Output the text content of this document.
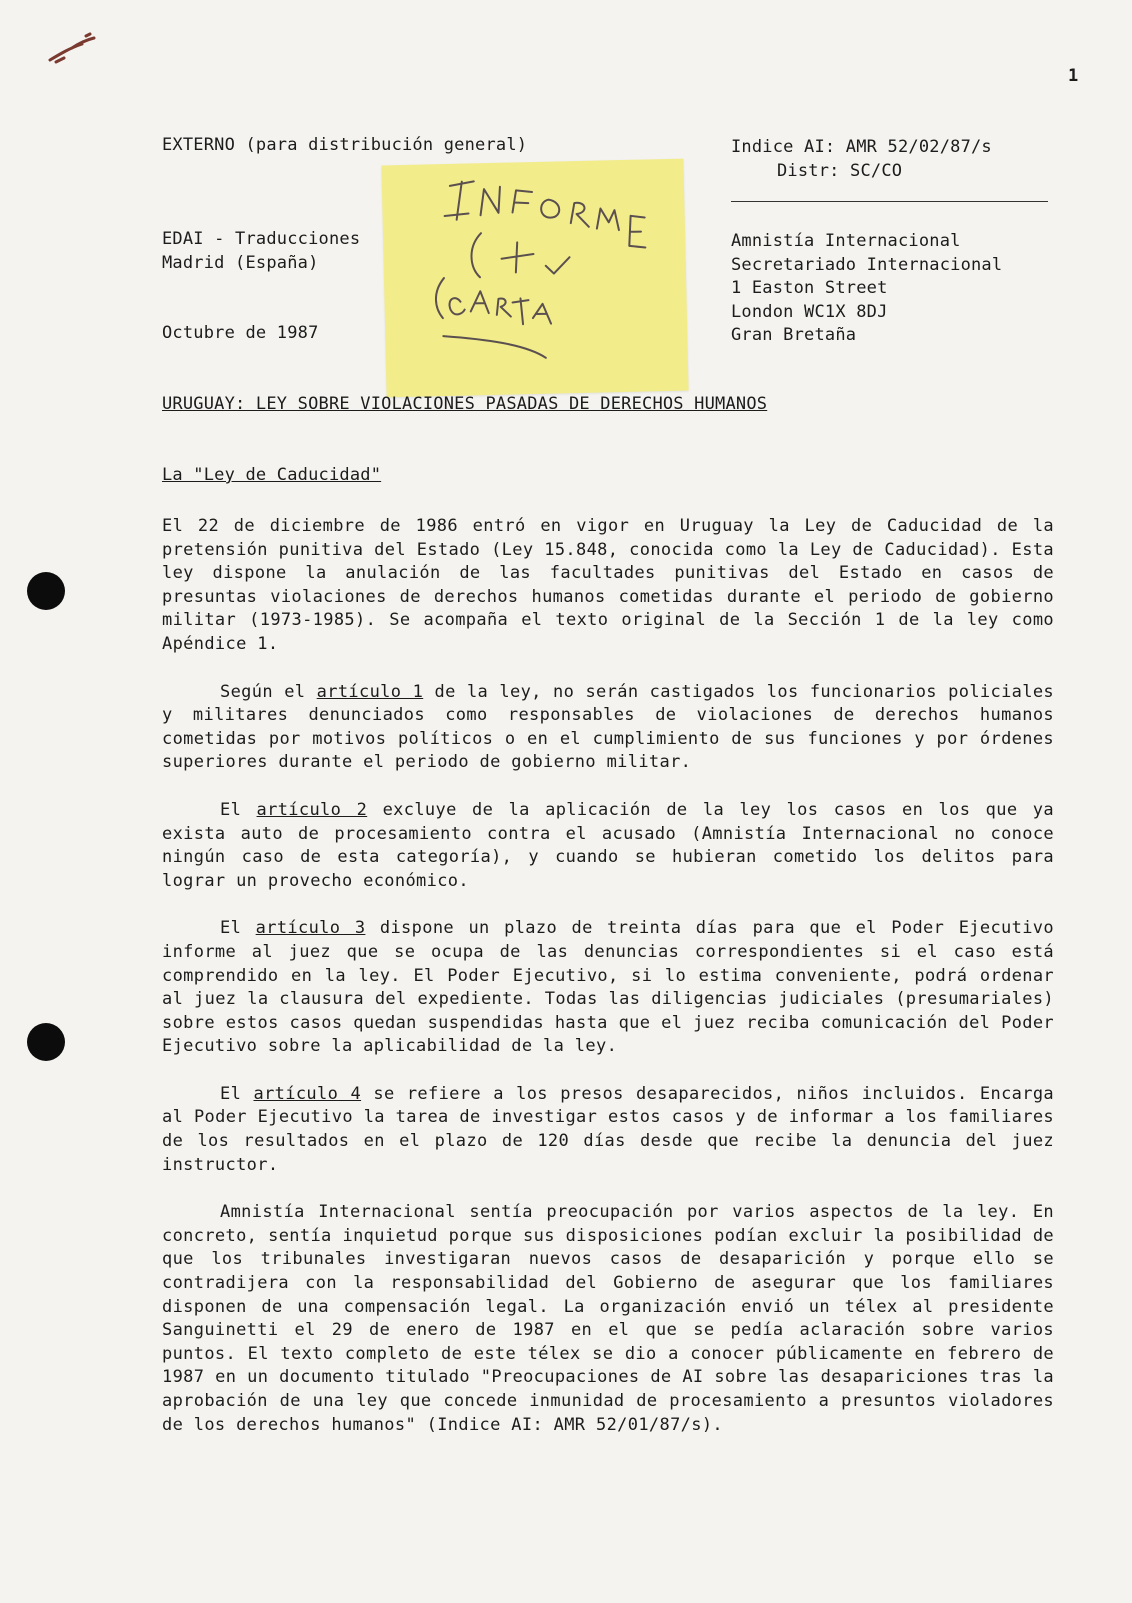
1
EXTERNO (para distribución general)	Indice AI: AMR 52/02/87/s
Distr: SC/CO
EDAI - Traducciones
Madrid (España)
Amnistía Internacional
Secretariado Internacional
1 Easton Street
London WC1X 8DJ
Gran Bretaña
Octubre de 1987
URUGUAY: LEY SOBRE VIOLACIONES PASADAS DE DERECHOS HUMANOS
La "Ley de Caducidad"

El 22 de diciembre de 1986 entró en vigor en Uruguay la Ley de Caducidad de la pretensión punitiva del Estado (Ley 15.848, conocida como la Ley de Caducidad). Esta ley dispone la anulación de las facultades punitivas del Estado en casos de presuntas violaciones de derechos humanos cometidas durante el periodo de gobierno militar (1973-1985). Se acompaña el texto original de la Sección 1 de la ley como Apéndice 1.

Según el artículo 1 de la ley, no serán castigados los funcionarios policiales y militares denunciados como responsables de violaciones de derechos humanos cometidas por motivos políticos o en el cumplimiento de sus funciones y por órdenes superiores durante el periodo de gobierno militar.

El artículo 2 excluye de la aplicación de la ley los casos en los que ya exista auto de procesamiento contra el acusado (Amnistía Internacional no conoce ningún caso de esta categoría), y cuando se hubieran cometido los delitos para lograr un provecho económico.

El artículo 3 dispone un plazo de treinta días para que el Poder Ejecutivo informe al juez que se ocupa de las denuncias correspondientes si el caso está comprendido en la ley. El Poder Ejecutivo, si lo estima conveniente, podrá ordenar al juez la clausura del expediente. Todas las diligencias judiciales (presumariales) sobre estos casos quedan suspendidas hasta que el juez reciba comunicación del Poder Ejecutivo sobre la aplicabilidad de la ley.

El artículo 4 se refiere a los presos desaparecidos, niños incluidos. Encarga al Poder Ejecutivo la tarea de investigar estos casos y de informar a los familiares de los resultados en el plazo de 120 días desde que recibe la denuncia del juez instructor.

Amnistía Internacional sentía preocupación por varios aspectos de la ley. En concreto, sentía inquietud porque sus disposiciones podían excluir la posibilidad de que los tribunales investigaran nuevos casos de desaparición y porque ello se contradijera con la responsabilidad del Gobierno de asegurar que los familiares disponen de una compensación legal. La organización envió un télex al presidente Sanguinetti el 29 de enero de 1987 en el que se pedía aclaración sobre varios puntos. El texto completo de este télex se dio a conocer públicamente en febrero de 1987 en un documento titulado "Preocupaciones de AI sobre las desapariciones tras la aprobación de una ley que concede inmunidad de procesamiento a presuntos violadores de los derechos humanos" (Indice AI: AMR 52/01/87/s).
